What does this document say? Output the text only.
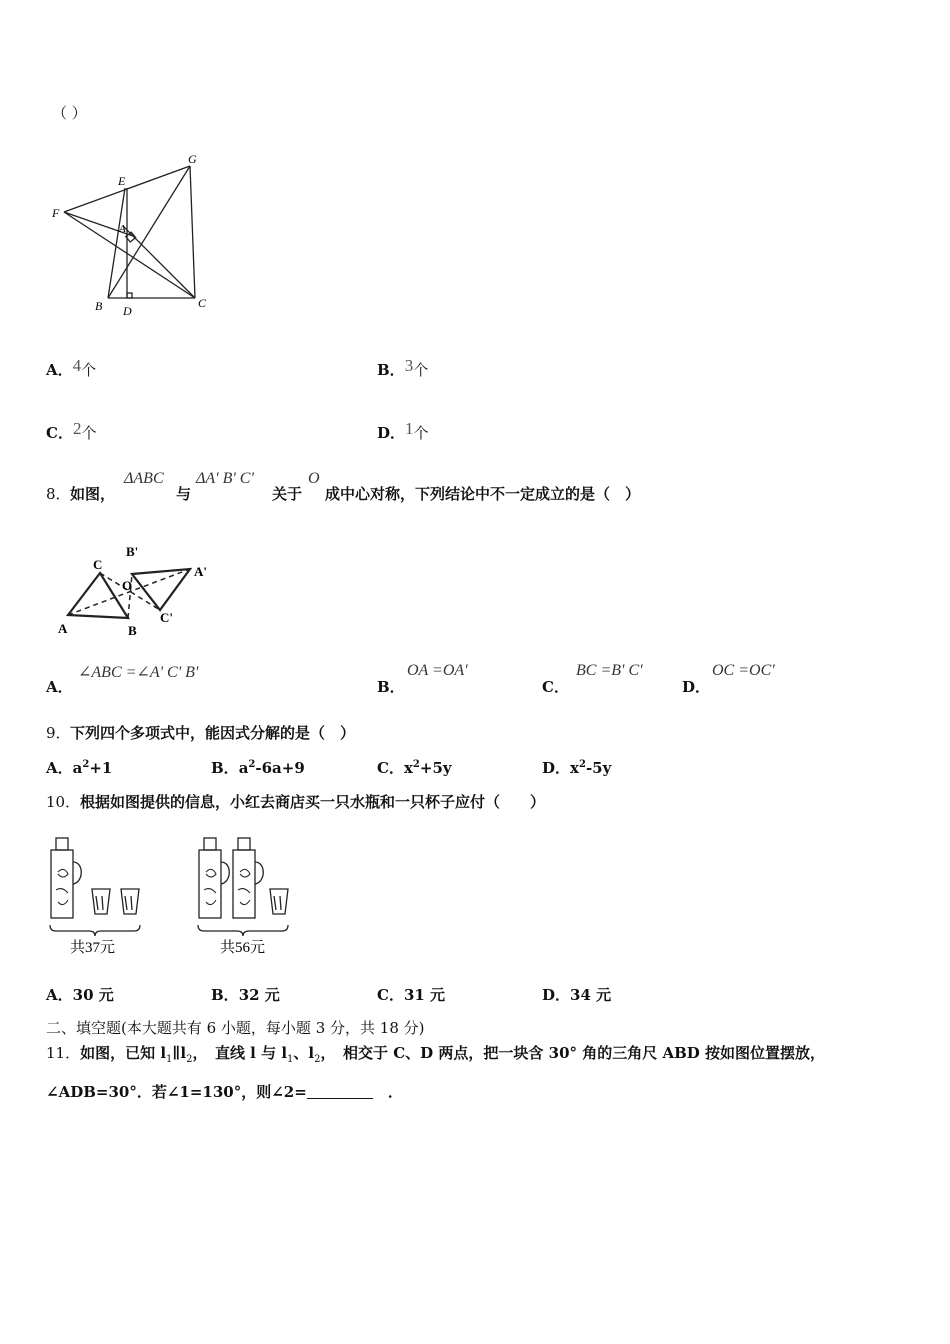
（ ）
G
E
F
A
B D
C
A．4个	B．3个
C．2个	D．1个
8． 如图，
ΔABC
与
ΔA' B' C'
关于
O
成中心对称，下列结论中不一定成立的是（　）
C
B'
A'
O
A	B
C'
A．
∠ABC =∠A' C' B'
B．
OA =OA'
C．
BC =B' C'
D．
OC =OC'
9． 下列四个多项式中，能因式分解的是（　）
A．$a^2+1$	B．$a^2-6a+9$	C．$x^2+5y$	D．$x^2-5y$
10． 根据如图提供的信息，小红去商店买一只水瓶和一只杯子应付（　　）
共37元	共56元
A．30 元	B．32 元	C．31 元	D．34 元
二、填空题(本大题共有 6 小题，每小题 3 分，共 18 分)
11．如图，已知 $l_1\parallel l_2$，　直线 l 与 $l_1$、$l_2$，　相交于 C、D 两点，把一块含 30° 角的三角尺 ABD 按如图位置摆放，
∠ADB=30°．若∠1=130°，则∠2=　	．
